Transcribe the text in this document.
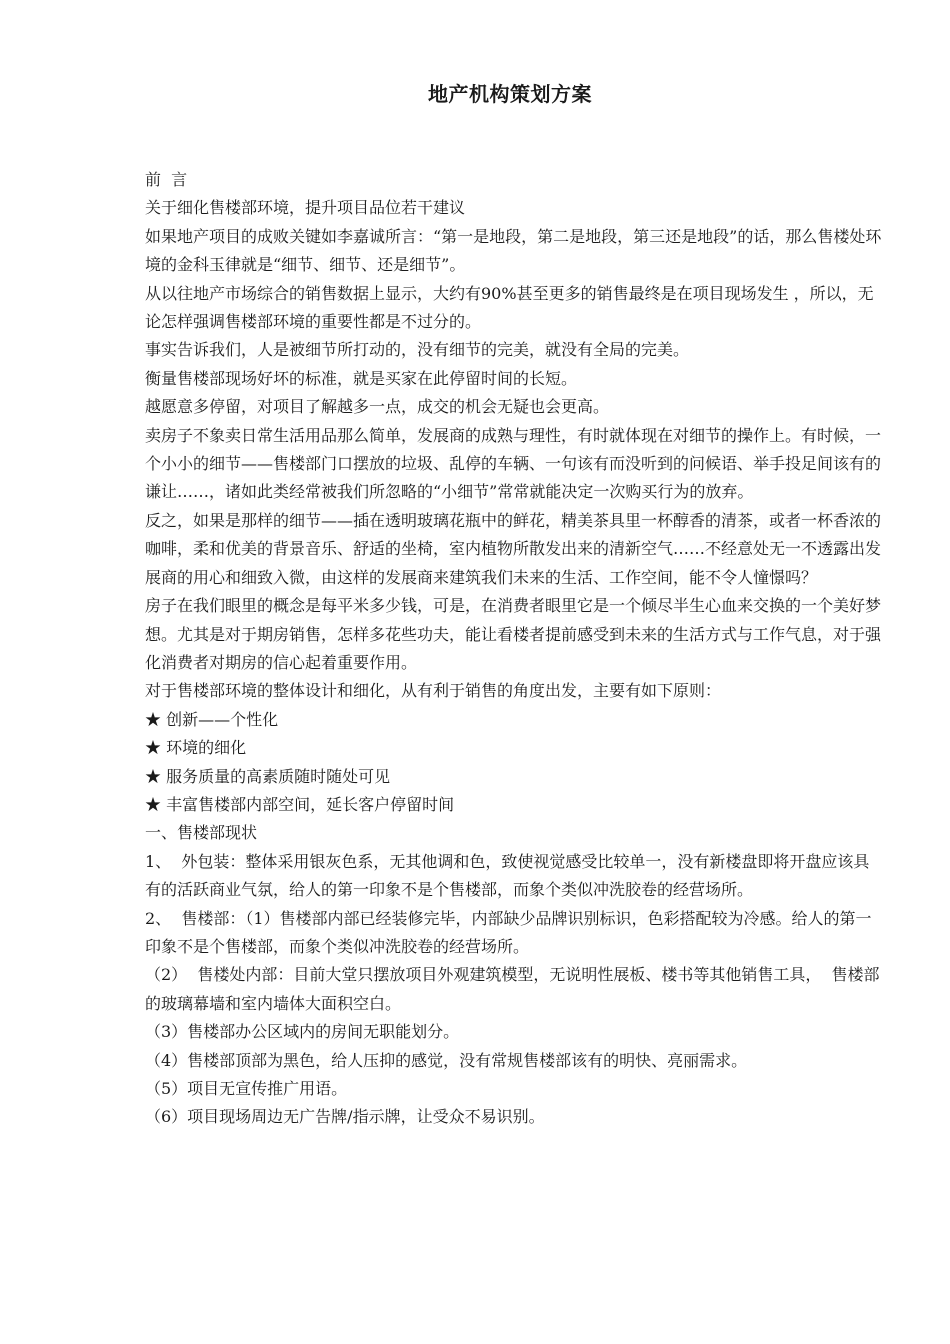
地产机构策划方案

前  言

关于细化售楼部环境，提升项目品位若干建议

如果地产项目的成败关键如李嘉诚所言：“第一是地段，第二是地段，第三还是地段”的话，那么售楼处环境的金科玉律就是“细节、细节、还是细节”。

从以往地产市场综合的销售数据上显示，大约有90%甚至更多的销售最终是在项目现场发生 ，所以，无论怎样强调售楼部环境的重要性都是不过分的。

事实告诉我们，人是被细节所打动的，没有细节的完美，就没有全局的完美。

衡量售楼部现场好坏的标准，就是买家在此停留时间的长短。

越愿意多停留，对项目了解越多一点，成交的机会无疑也会更高。

卖房子不象卖日常生活用品那么简单，发展商的成熟与理性，有时就体现在对细节的操作上。有时候，一个小小的细节——售楼部门口摆放的垃圾、乱停的车辆、一句该有而没听到的问候语、举手投足间该有的谦让……，诸如此类经常被我们所忽略的“小细节”常常就能决定一次购买行为的放弃。

反之，如果是那样的细节——插在透明玻璃花瓶中的鲜花，精美茶具里一杯醇香的清茶，或者一杯香浓的咖啡，柔和优美的背景音乐、舒适的坐椅，室内植物所散发出来的清新空气……不经意处无一不透露出发展商的用心和细致入微，由这样的发展商来建筑我们未来的生活、工作空间，能不令人憧憬吗？

房子在我们眼里的概念是每平米多少钱，可是，在消费者眼里它是一个倾尽半生心血来交换的一个美好梦想。尤其是对于期房销售，怎样多花些功夫，能让看楼者提前感受到未来的生活方式与工作气息，对于强化消费者对期房的信心起着重要作用。

对于售楼部环境的整体设计和细化，从有利于销售的角度出发，主要有如下原则：

★ 创新——个性化

★ 环境的细化

★ 服务质量的高素质随时随处可见

★ 丰富售楼部内部空间，延长客户停留时间

一、售楼部现状

1、  外包装：整体采用银灰色系，无其他调和色，致使视觉感受比较单一，没有新楼盘即将开盘应该具有的活跃商业气氛，给人的第一印象不是个售楼部，而象个类似冲洗胶卷的经营场所。

2、  售楼部：（1）售楼部内部已经装修完毕，内部缺少品牌识别标识，色彩搭配较为冷感。给人的第一印象不是个售楼部，而象个类似冲洗胶卷的经营场所。

（2）  售楼处内部：目前大堂只摆放项目外观建筑模型，无说明性展板、楼书等其他销售工具，  售楼部的玻璃幕墙和室内墙体大面积空白。

（3）售楼部办公区域内的房间无职能划分。

（4）售楼部顶部为黑色，给人压抑的感觉，没有常规售楼部该有的明快、亮丽需求。

（5）项目无宣传推广用语。

（6）项目现场周边无广告牌/指示牌，让受众不易识别。
